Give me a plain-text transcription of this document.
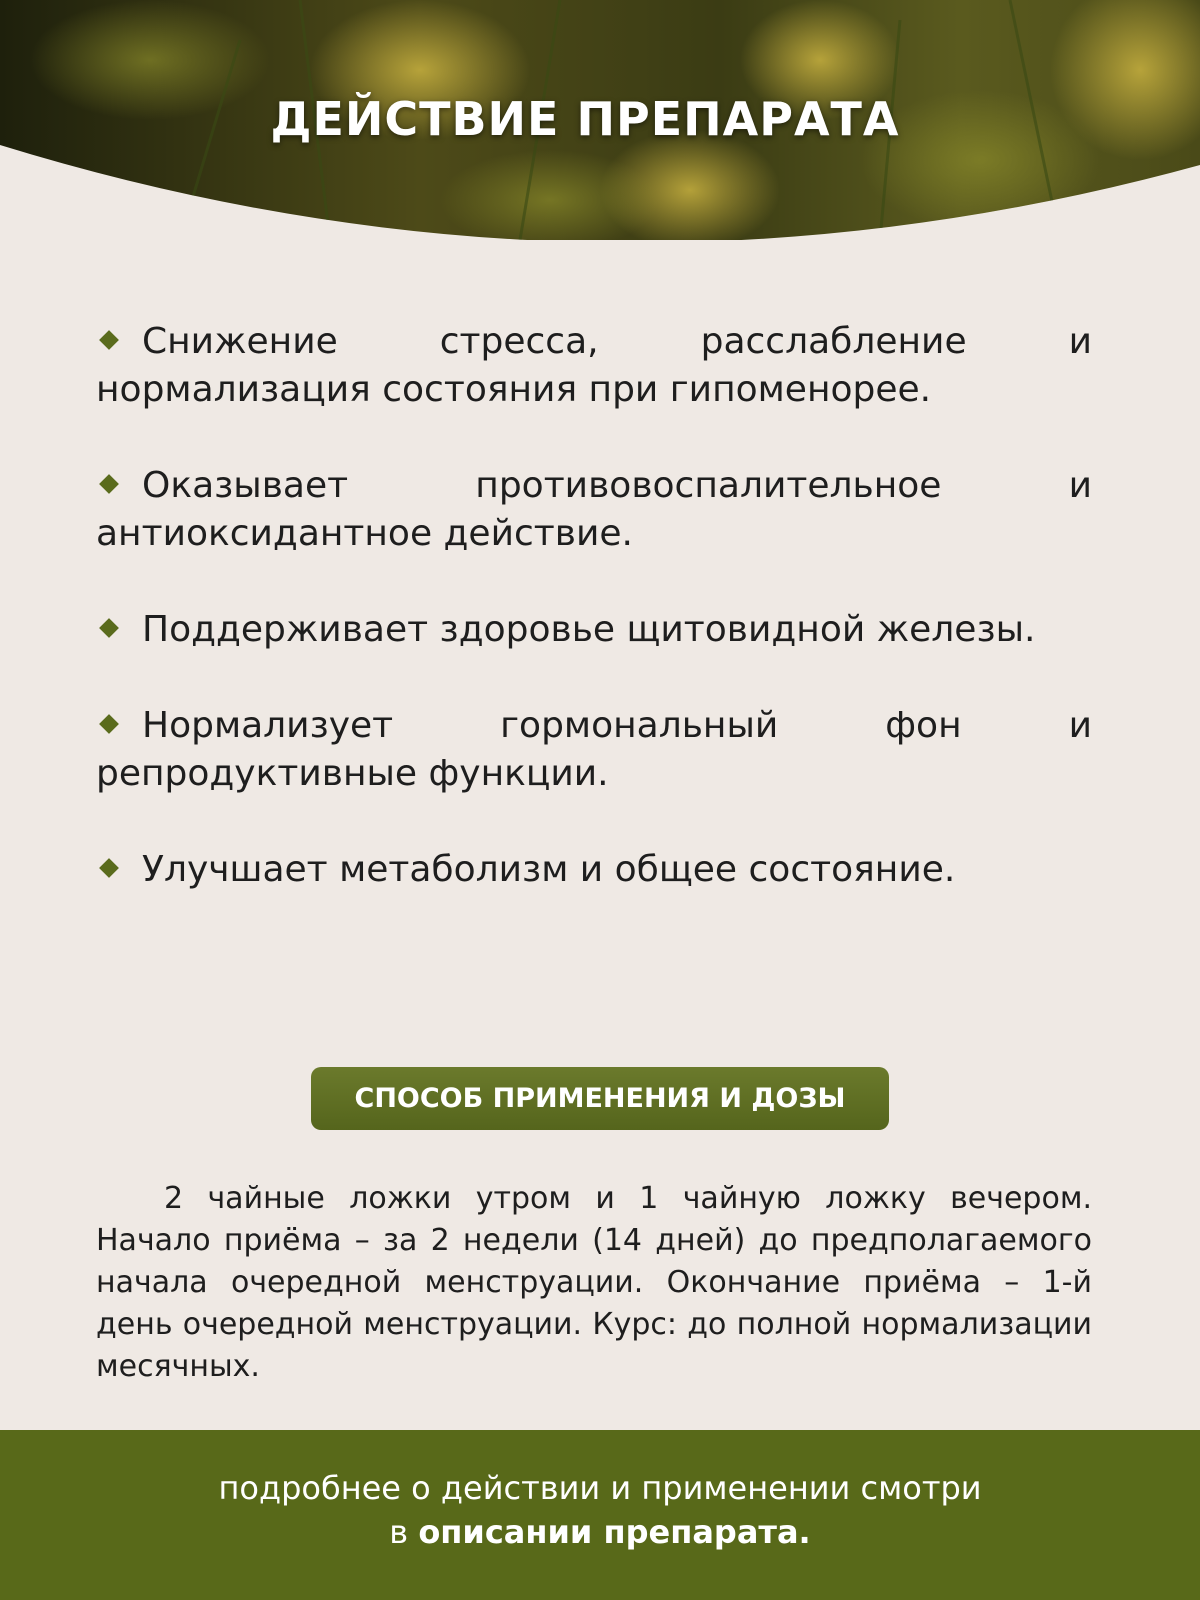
ДЕЙСТВИЕ ПРЕПАРАТА
Снижение стресса, расслабление и нормализация состояния при гипоменорее.
Оказывает противовоспалительное и антиоксидантное действие.
Поддерживает здоровье щитовидной железы.
Нормализует гормональный фон и репродуктивные функции.
Улучшает метаболизм и общее состояние.
СПОСОБ ПРИМЕНЕНИЯ И ДОЗЫ

2 чайные ложки утром и 1 чайную ложку вечером. Начало приёма – за 2 недели (14 дней) до предполагаемого начала очередной менструации. Окончание приёма – 1-й день очередной менструации. Курс: до полной нормализации месячных.

подробнее о действии и применении смотри
в описании препарата.
